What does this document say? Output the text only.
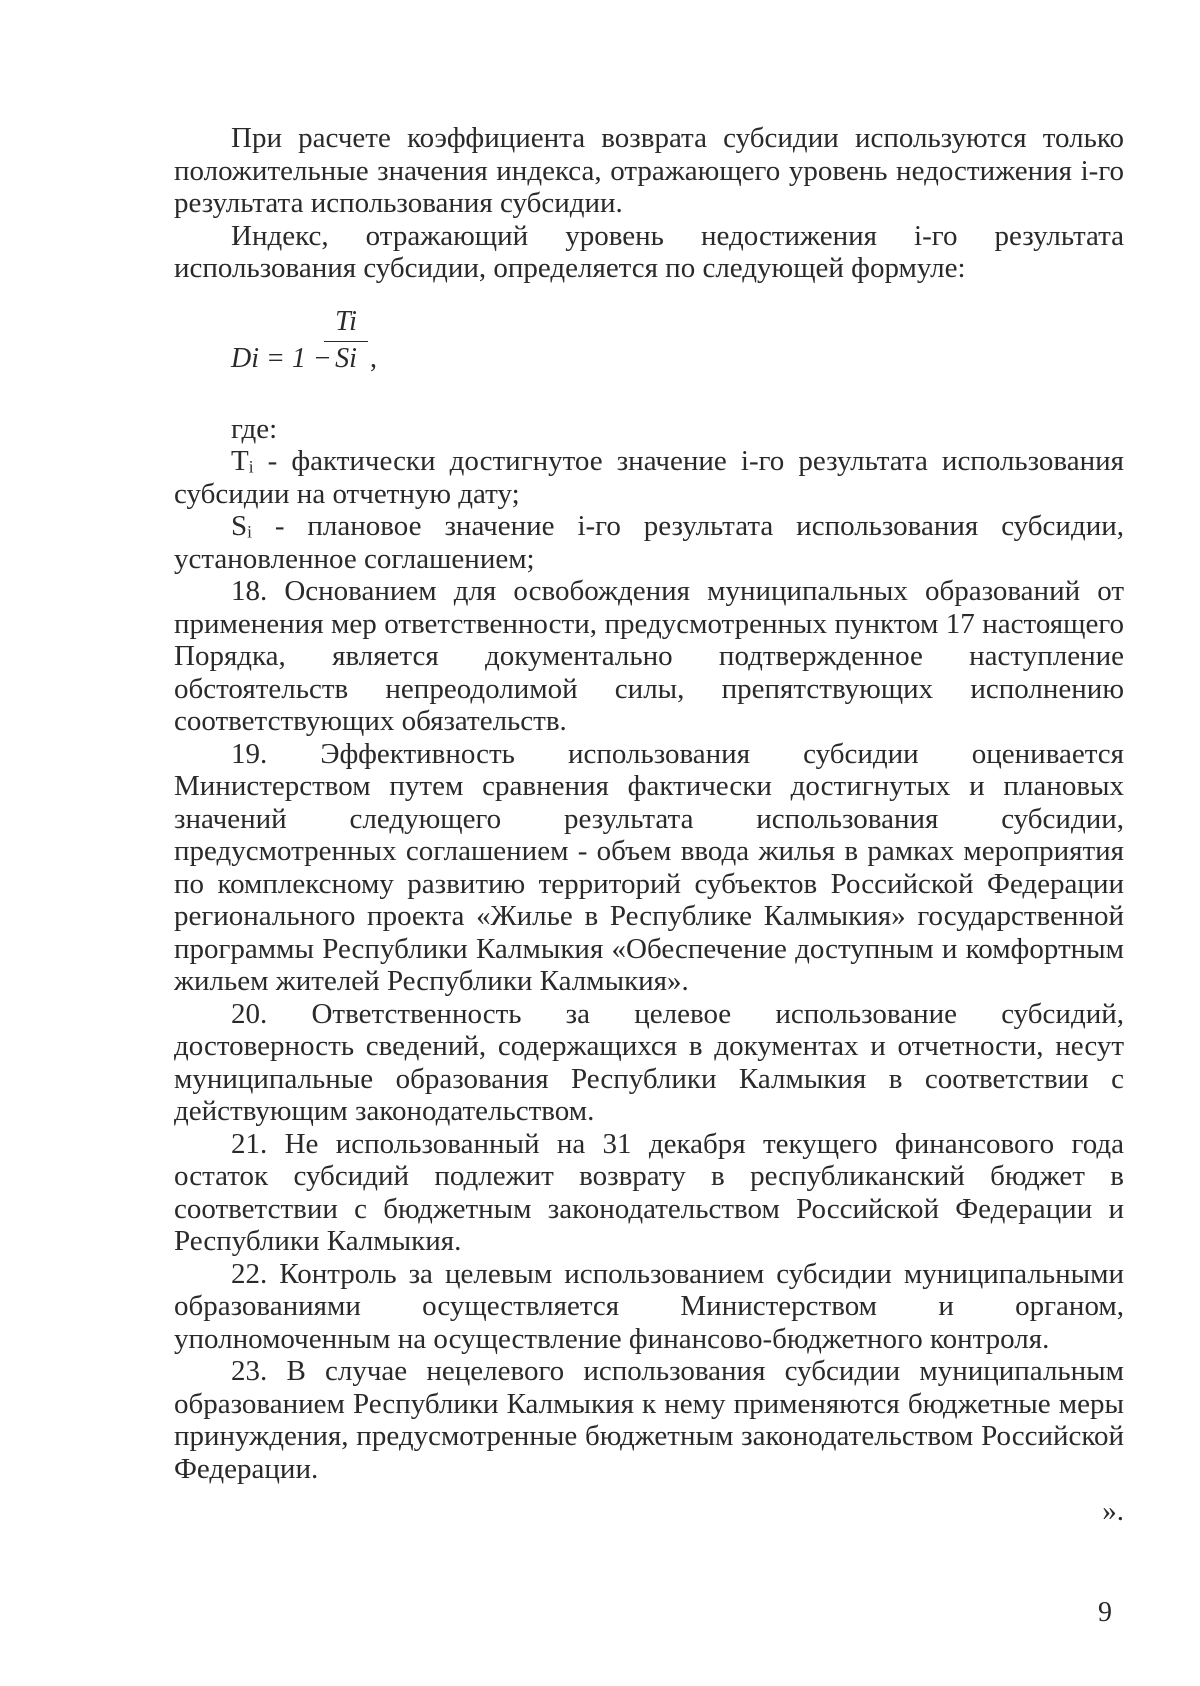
При расчете коэффициента возврата субсидии используются только положительные значения индекса, отражающего уровень недостижения i-го результата использования субсидии.

Индекс, отражающий уровень недостижения i-го результата использования субсидии, определяется по следующей формуле:

Di = 1 −
Ti
Si ,

где:

Tᵢ - фактически достигнутое значение i-го результата использования субсидии на отчетную дату;

Sᵢ - плановое значение i-го результата использования субсидии, установленное соглашением;

18. Основанием для освобождения муниципальных образований от применения мер ответственности, предусмотренных пунктом 17 настоящего Порядка, является документально подтвержденное наступление обстоятельств непреодолимой силы, препятствующих исполнению соответствующих обязательств.

19. Эффективность использования субсидии оценивается Министерством путем сравнения фактически достигнутых и плановых значений следующего результата использования субсидии, предусмотренных соглашением - объем ввода жилья в рамках мероприятия по комплексному развитию территорий субъектов Российской Федерации регионального проекта «Жилье в Республике Калмыкия» государственной программы Республики Калмыкия «Обеспечение доступным и комфортным жильем жителей Республики Калмыкия».

20. Ответственность за целевое использование субсидий, достоверность сведений, содержащихся в документах и отчетности, несут муниципальные образования Республики Калмыкия в соответствии с действующим законодательством.

21. Не использованный на 31 декабря текущего финансового года остаток субсидий подлежит возврату в республиканский бюджет в соответствии с бюджетным законодательством Российской Федерации и Республики Калмыкия.

22. Контроль за целевым использованием субсидии муниципальными образованиями осуществляется Министерством и органом, уполномоченным на осуществление финансово-бюджетного контроля.

23. В случае нецелевого использования субсидии муниципальным образованием Республики Калмыкия к нему применяются бюджетные меры принуждения, предусмотренные бюджетным законодательством Российской Федерации.

».

9
